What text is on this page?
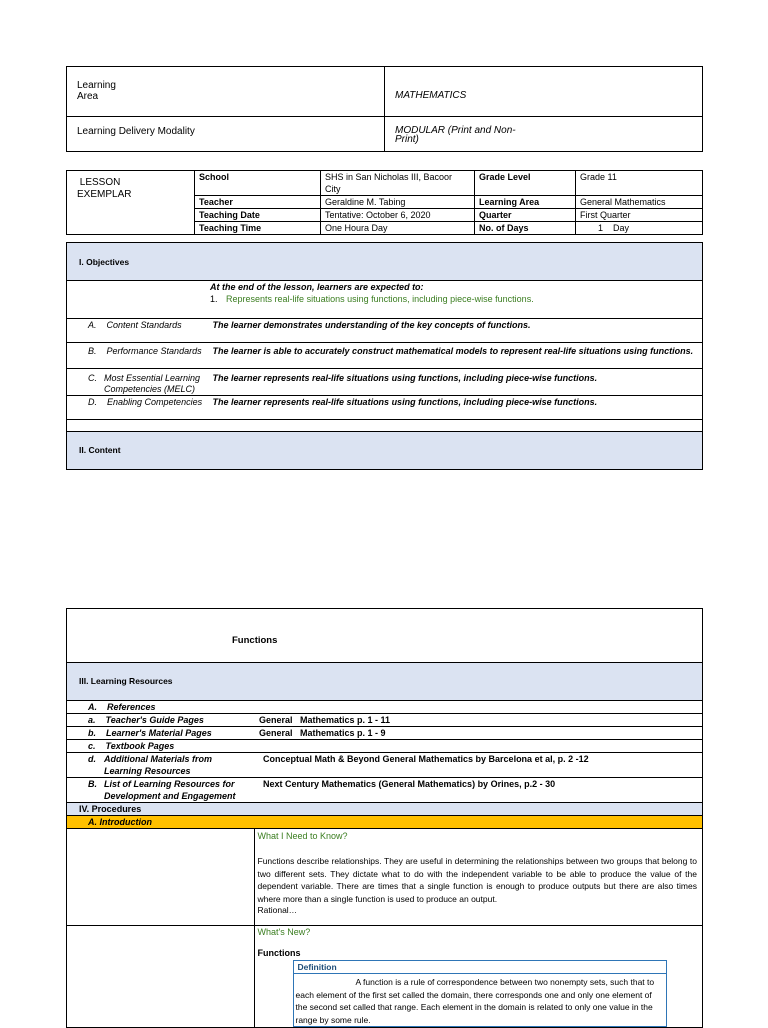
Learning
Area	MATHEMATICS

Learning Delivery Modality	MODULAR (Print and Non-
Print)
LESSON
EXEMPLAR	School	SHS in San Nicholas III, Bacoor City	Grade Level	Grade 11
	Teacher	Geraldine M. Tabing	Learning Area	General Mathematics
	Teaching Date	Tentative: October 6, 2020	Quarter	First Quarter
	Teaching Time	One Houra Day	No. of Days	1    Day
I. Objectives	

At the end of the lesson, learners are expected to:
1. Represents real-life situations using functions, including piece-wise functions.	

A. Content Standards	The learner demonstrates understanding of the key concepts of functions.
B. Performance Standards	The learner is able to accurately construct mathematical models to represent real-life situations using functions.

C. Most Essential Learning Competencies (MELC)	The learner represents real-life situations using functions, including piece-wise functions.
D. Enabling Competencies	The learner represents real-life situations using functions, including piece-wise functions.

II. Content	
Functions	
III. Learning Resources	
A. References	
a. Teacher's Guide Pages	General   Mathematics p. 1 - 11
b. Learner's Material Pages	General   Mathematics p. 1 - 9
c. Textbook Pages	

d. Additional Materials from Learning Resources	Conceptual Math & Beyond General Mathematics by Barcelona et al, p. 2 -12

B. List of Learning Resources for Development and Engagement	Next Century Mathematics (General Mathematics) by Orines, p.2 - 30
IV. Procedures	
A. Introduction	

	What I Need to Know?
Functions describe relationships. They are useful in determining the relationships between two groups that belong to two different sets. They dictate what to do with the independent variable to be able to produce the value of the dependent variable. There are times that a single function is enough to produce outputs but there are also times where more than a single function is used to produce an output.
Rational…

	What's New?
Functions
Definition
A function is a rule of correspondence between two nonempty sets, such that to each element of the first set called the domain, there corresponds one and only one element of the second set called that range. Each element in the domain is related to only one value in the range by some rule.
